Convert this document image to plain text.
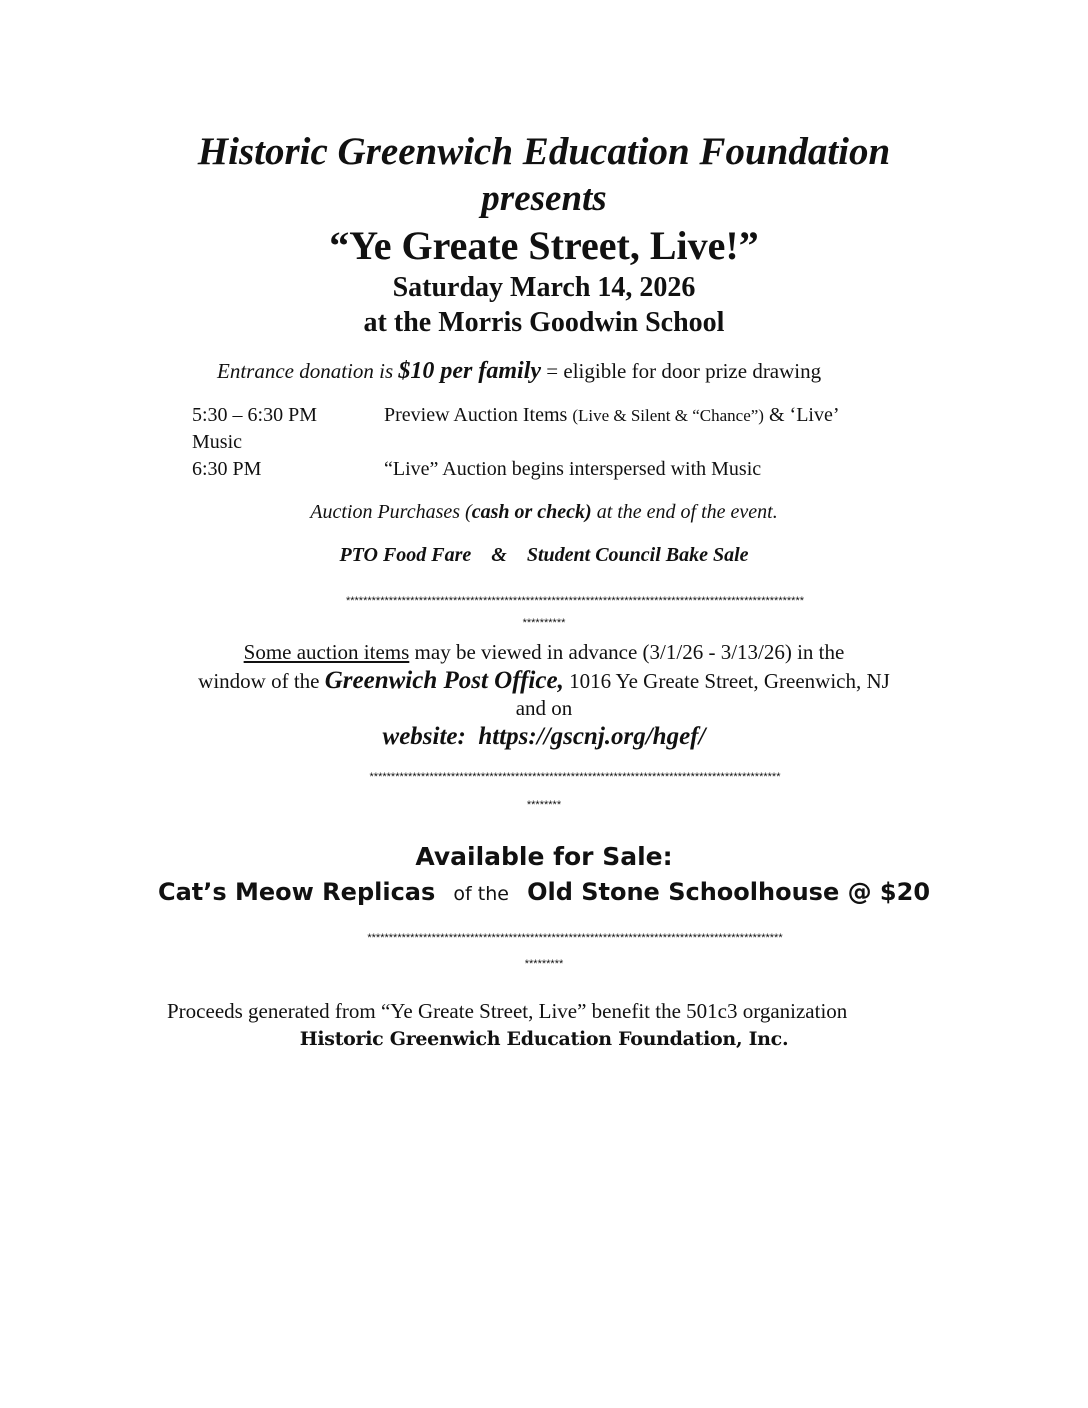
Historic Greenwich Education Foundation
presents
“Ye Greate Street, Live!”
Saturday March 14, 2026
at the Morris Goodwin School
Entrance donation is $10 per family = eligible for door prize drawing
5:30 – 6:30 PM	Preview Auction Items (Live & Silent & “Chance”) & ‘Live’
Music
6:30 PM	“Live” Auction begins interspersed with Music
Auction Purchases (cash or check) at the end of the event.
PTO Food Fare    &    Student Council Bake Sale
***********************************************************************************************************
**********
Some auction items may be viewed in advance (3/1/26 - 3/13/26) in the
window of the Greenwich Post Office, 1016 Ye Greate Street, Greenwich, NJ
and on
website:  https://gscnj.org/hgef/
************************************************************************************************
********
Available for Sale:
Cat’s Meow Replicas   of the   Old Stone Schoolhouse @ $20
*************************************************************************************************
*********
Proceeds generated from “Ye Greate Street, Live” benefit the 501c3 organization
Historic Greenwich Education Foundation, Inc.
